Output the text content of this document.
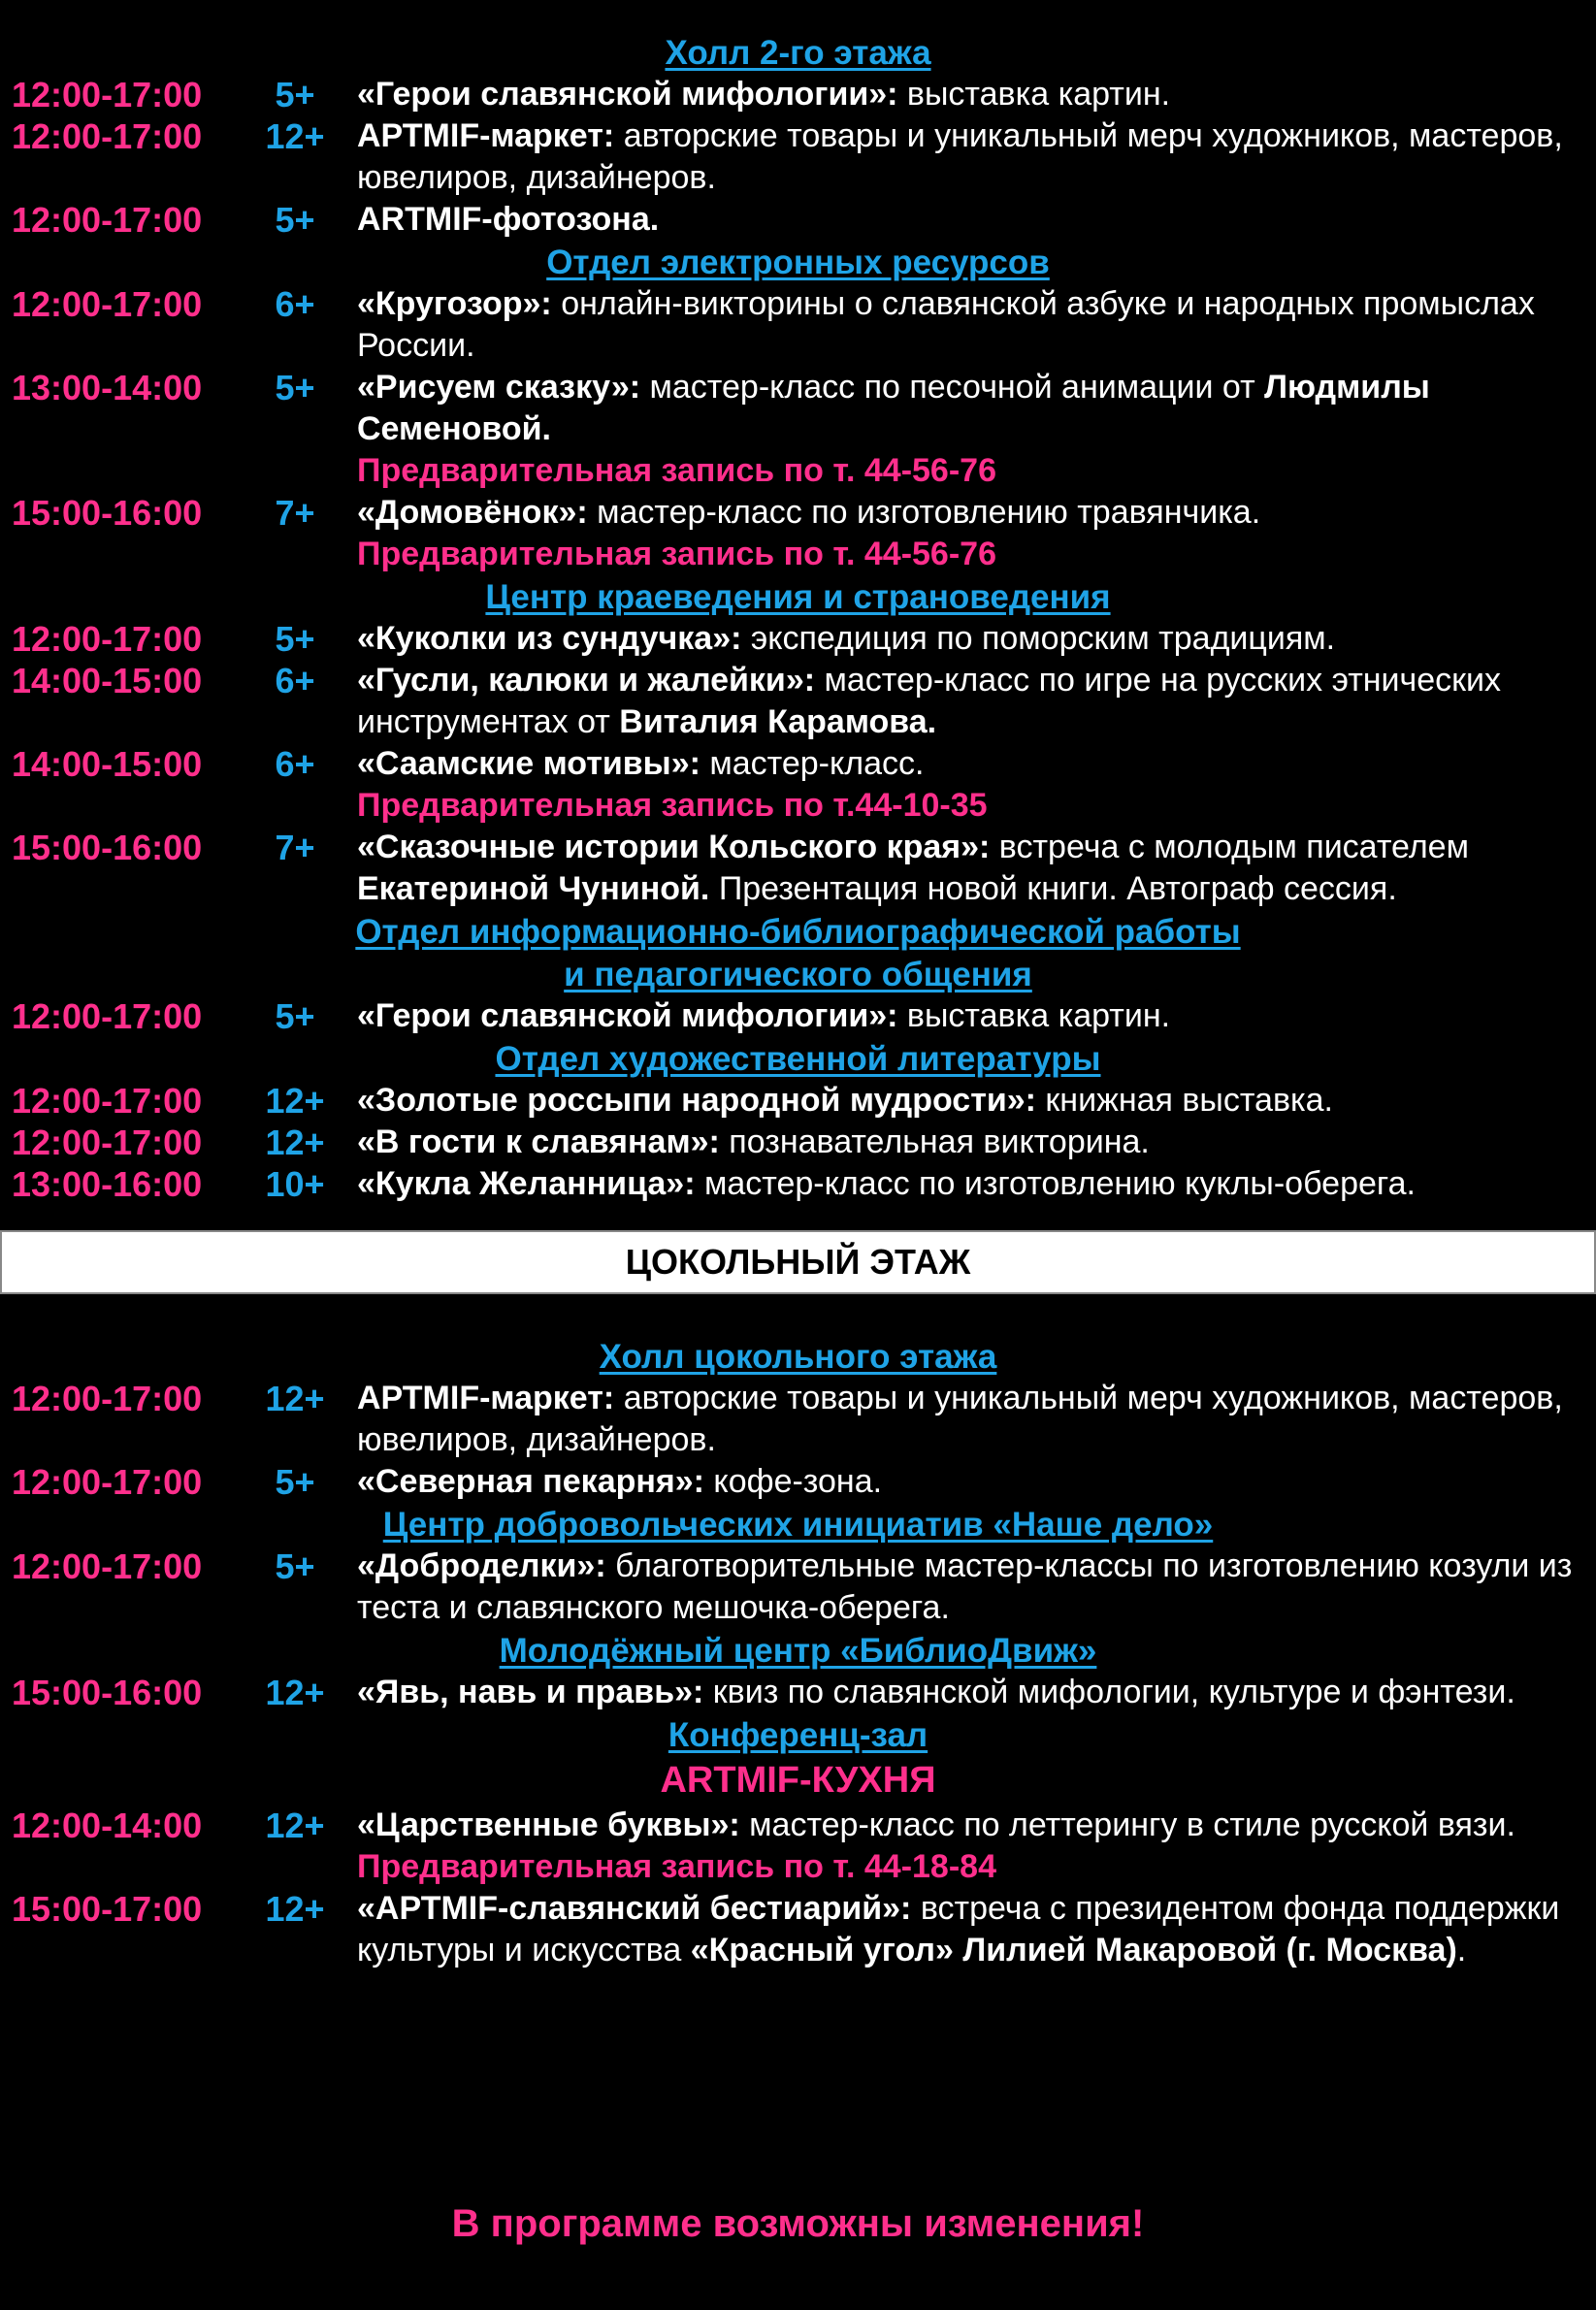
Холл 2-го этажа
12:00-17:00	5+	«Герои славянской мифологии»: выставка картин.
12:00-17:00 12+ АРТМIF-маркет: авторские товары и уникальный мерч художников, мастеров, ювелиров, дизайнеров.
12:00-17:00	5+	ARTMIF-фотозона.
Отдел электронных ресурсов
12:00-17:00	6+	«Кругозор»: онлайн-викторины о славянской азбуке и народных промыслах России.
13:00-14:00	5+	«Рисуем сказку»: мастер-класс по песочной анимации от Людмилы Семеновой.
Предварительная запись по т. 44-56-76
15:00-16:00	7+	«Домовёнок»: мастер-класс по изготовлению травянчика.
Предварительная запись по т. 44-56-76
Центр краеведения и страноведения
12:00-17:00	5+	«Куколки из сундучка»: экспедиция по поморским традициям.
14:00-15:00	6+	«Гусли, калюки и жалейки»: мастер-класс по игре на русских этнических инструментах от Виталия Карамова.
14:00-15:00	6+	«Саамские мотивы»: мастер-класс.
Предварительная запись по т.44-10-35
15:00-16:00	7+	«Сказочные истории Кольского края»: встреча с молодым писателем Екатериной Чуниной. Презентация новой книги. Автограф сессия.
Отдел информационно-библиографической работы
и педагогического общения
12:00-17:00	5+	«Герои славянской мифологии»: выставка картин.
Отдел художественной литературы
12:00-17:00 12+ «Золотые россыпи народной мудрости»: книжная выставка.
12:00-17:00 12+ «В гости к славянам»: познавательная викторина.
13:00-16:00 10+ «Кукла Желанница»: мастер-класс по изготовлению куклы-оберега.
ЦОКОЛЬНЫЙ ЭТАЖ
Холл цокольного этажа
12:00-17:00 12+ АРТМIF-маркет: авторские товары и уникальный мерч художников, мастеров, ювелиров, дизайнеров.
12:00-17:00	5+	«Северная пекарня»: кофе-зона.
Центр добровольческих инициатив «Наше дело»
12:00-17:00	5+	«Доброделки»: благотворительные мастер-классы по изготовлению козули из теста и славянского мешочка-оберега.
Молодёжный центр «БиблиоДвиж»
15:00-16:00 12+ «Явь, навь и правь»: квиз по славянской мифологии, культуре и фэнтези.
Конференц-зал
ARTMIF-КУХНЯ
12:00-14:00 12+ «Царственные буквы»: мастер-класс по леттерингу в стиле русской вязи.
Предварительная запись по т. 44-18-84
15:00-17:00 12+ «АРТМIF-славянский бестиарий»: встреча с президентом фонда поддержки культуры и искусства «Красный угол» Лилией Макаровой (г. Москва).
В программе возможны изменения!
